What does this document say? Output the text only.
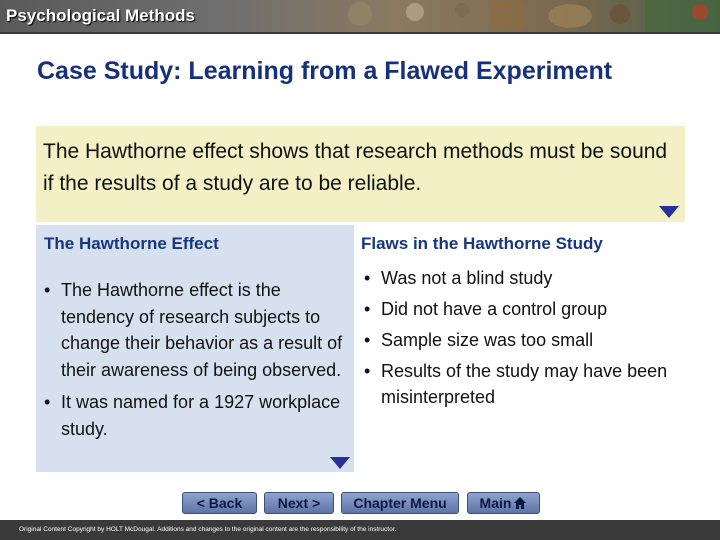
Psychological Methods
Case Study: Learning from a Flawed Experiment
The Hawthorne effect shows that research methods must be sound if the results of a study are to be reliable.
The Hawthorne Effect
• The Hawthorne effect is the tendency of research subjects to change their behavior as a result of their awareness of being observed.
• It was named for a 1927 workplace study.
Flaws in the Hawthorne Study
• Was not a blind study
• Did not have a control group
• Sample size was too small
• Results of the study may have been misinterpreted
< Back	Next >	Chapter Menu	Main
Original Content Copyright by HOLT McDougal. Additions and changes to the original content are the responsibility of the instructor.
